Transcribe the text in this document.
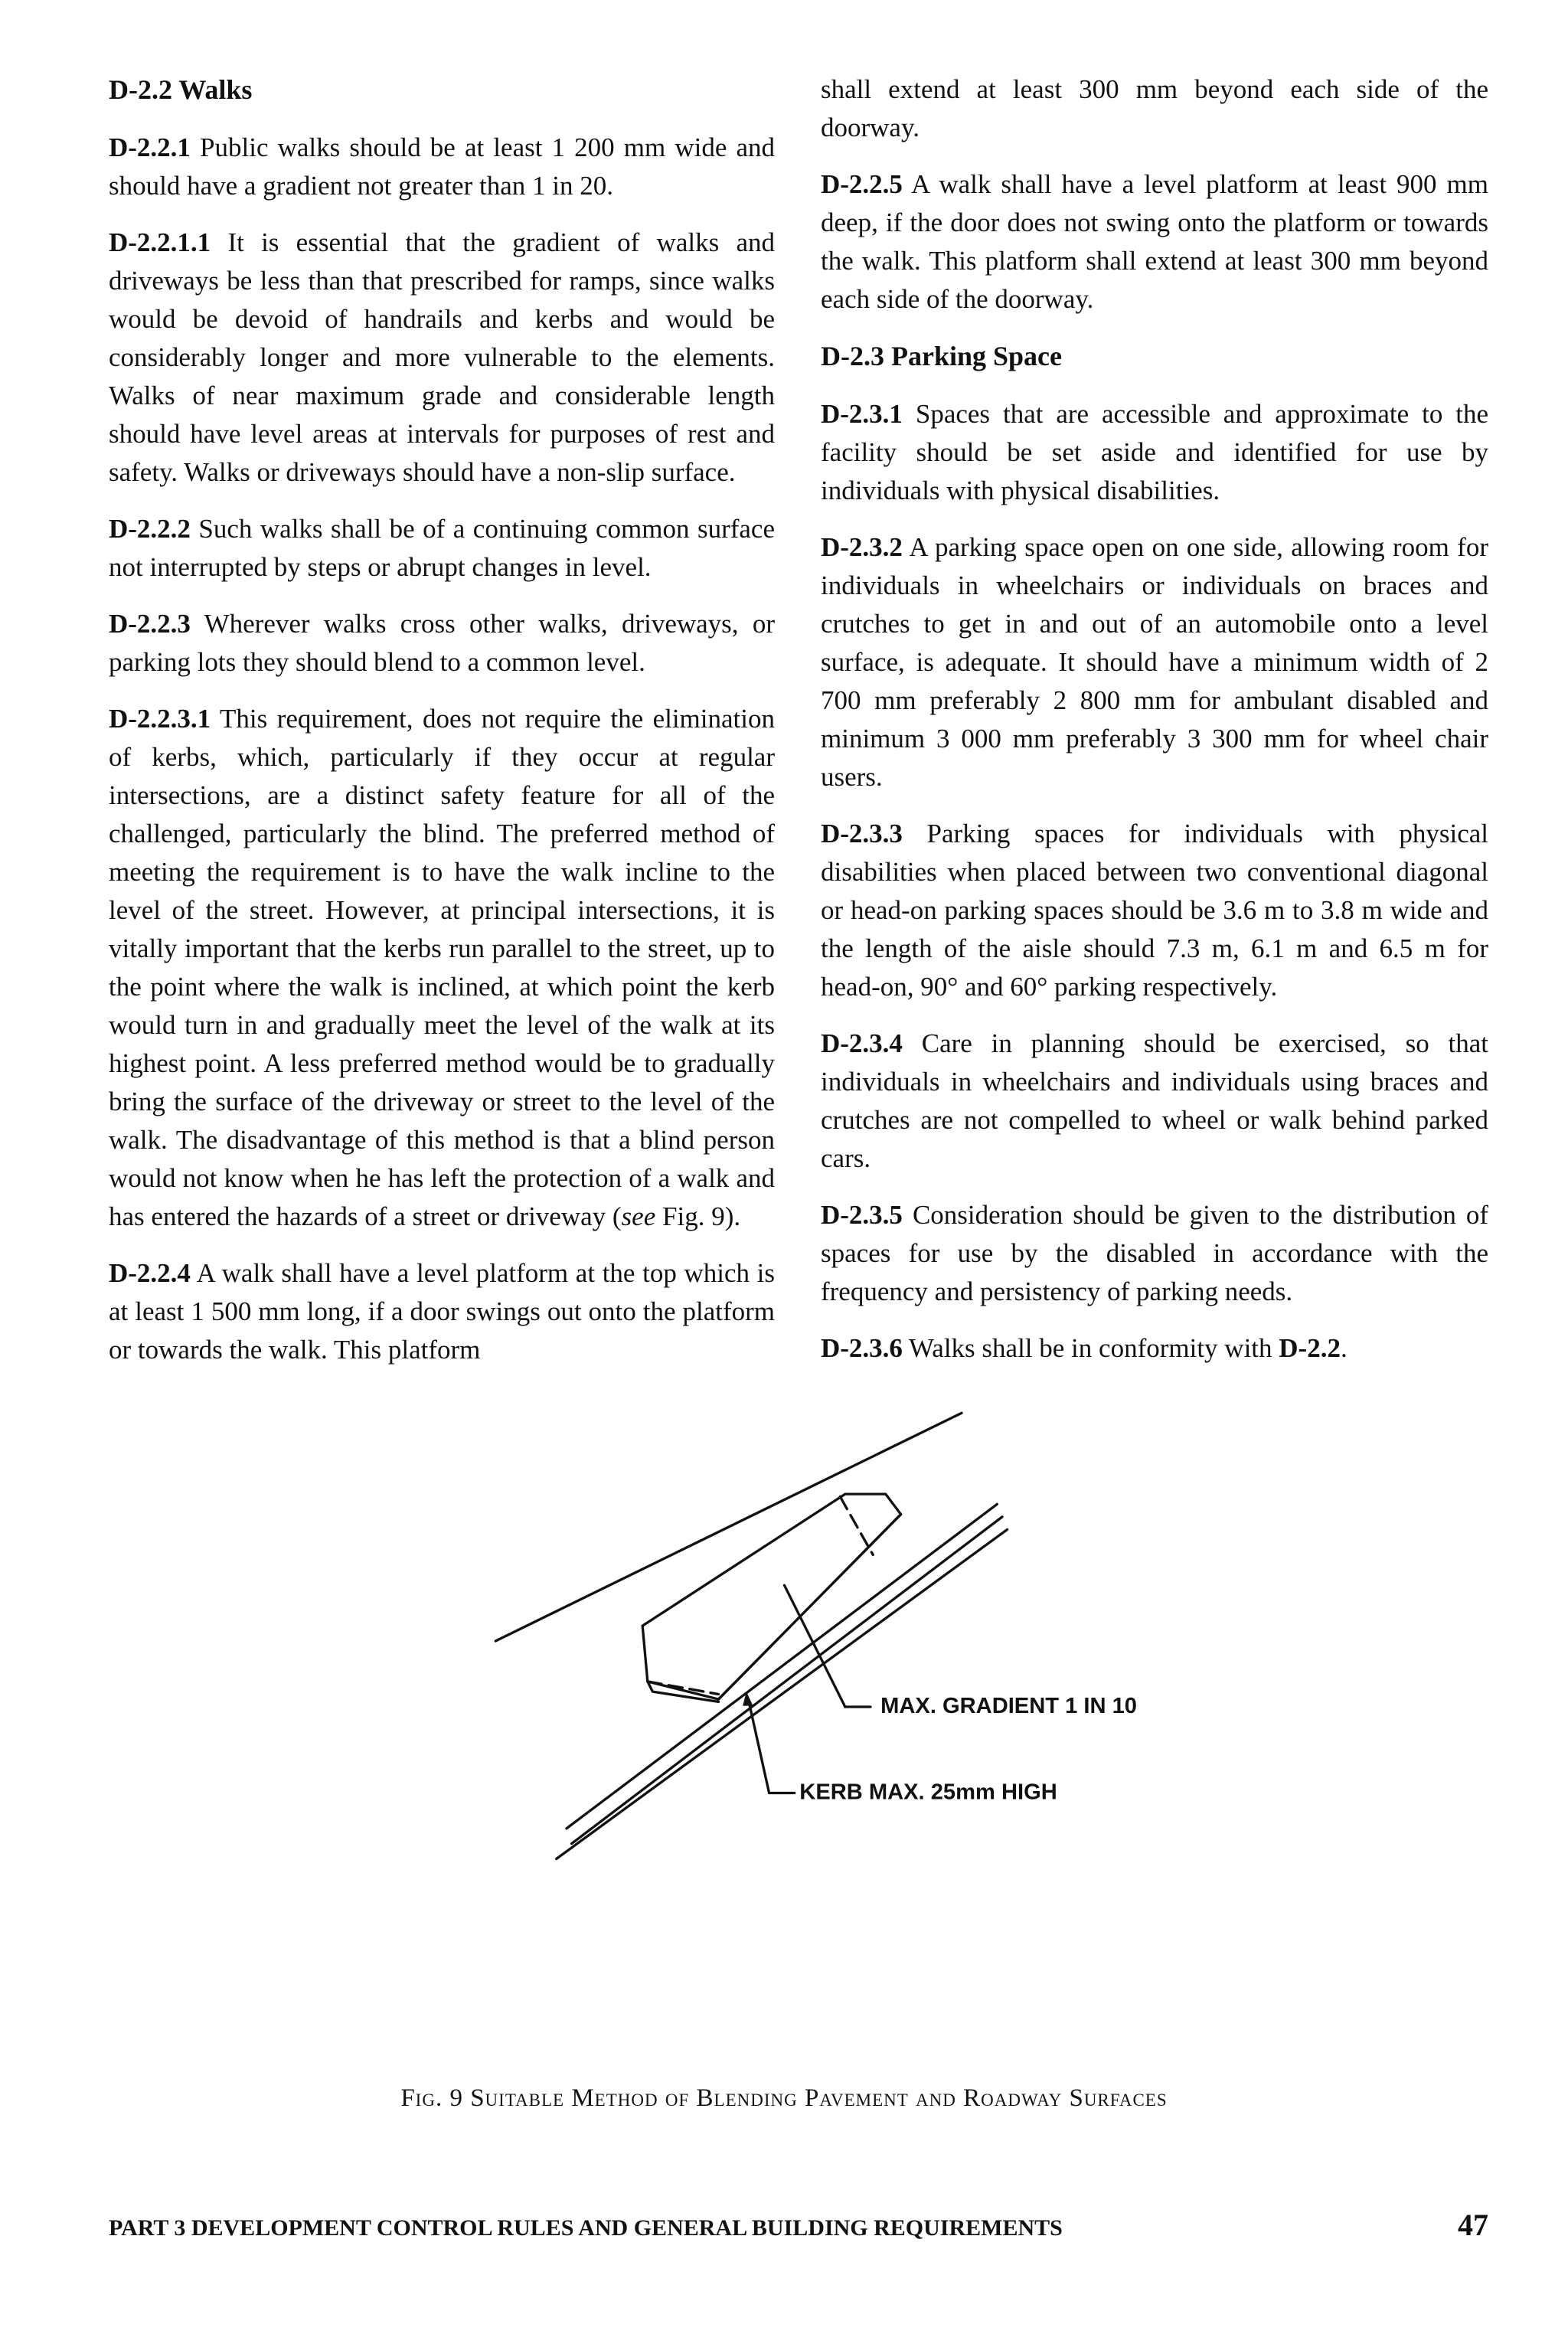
D-2.2 Walks

D-2.2.1 Public walks should be at least 1 200 mm wide and should have a gradient not greater than 1 in 20.

D-2.2.1.1 It is essential that the gradient of walks and driveways be less than that prescribed for ramps, since walks would be devoid of handrails and kerbs and would be considerably longer and more vulnerable to the elements. Walks of near maximum grade and considerable length should have level areas at intervals for purposes of rest and safety. Walks or driveways should have a non-slip surface.

D-2.2.2 Such walks shall be of a continuing common surface not interrupted by steps or abrupt changes in level.

D-2.2.3 Wherever walks cross other walks, driveways, or parking lots they should blend to a common level.

D-2.2.3.1 This requirement, does not require the elimination of kerbs, which, particularly if they occur at regular intersections, are a distinct safety feature for all of the challenged, particularly the blind. The preferred method of meeting the requirement is to have the walk incline to the level of the street. However, at principal intersections, it is vitally important that the kerbs run parallel to the street, up to the point where the walk is inclined, at which point the kerb would turn in and gradually meet the level of the walk at its highest point. A less preferred method would be to gradually bring the surface of the driveway or street to the level of the walk. The disadvantage of this method is that a blind person would not know when he has left the protection of a walk and has entered the hazards of a street or driveway (see Fig. 9).

D-2.2.4 A walk shall have a level platform at the top which is at least 1 500 mm long, if a door swings out onto the platform or towards the walk. This platform

shall extend at least 300 mm beyond each side of the doorway.

D-2.2.5 A walk shall have a level platform at least 900 mm deep, if the door does not swing onto the platform or towards the walk. This platform shall extend at least 300 mm beyond each side of the doorway.

D-2.3 Parking Space

D-2.3.1 Spaces that are accessible and approximate to the facility should be set aside and identified for use by individuals with physical disabilities.

D-2.3.2 A parking space open on one side, allowing room for individuals in wheelchairs or individuals on braces and crutches to get in and out of an automobile onto a level surface, is adequate. It should have a minimum width of 2 700 mm preferably 2 800 mm for ambulant disabled and minimum 3 000 mm preferably 3 300 mm for wheel chair users.

D-2.3.3 Parking spaces for individuals with physical disabilities when placed between two conventional diagonal or head-on parking spaces should be 3.6 m to 3.8 m wide and the length of the aisle should 7.3 m, 6.1 m and 6.5 m for head-on, 90° and 60° parking respectively.

D-2.3.4 Care in planning should be exercised, so that individuals in wheelchairs and individuals using braces and crutches are not compelled to wheel or walk behind parked cars.

D-2.3.5 Consideration should be given to the distribution of spaces for use by the disabled in accordance with the frequency and persistency of parking needs.

D-2.3.6 Walks shall be in conformity with D-2.2.

MAX. GRADIENT 1 IN 10
KERB MAX. 25mm HIGH
Fig. 9 Suitable Method of Blending Pavement and Roadway Surfaces
PART 3 DEVELOPMENT CONTROL RULES AND GENERAL BUILDING REQUIREMENTS	47
